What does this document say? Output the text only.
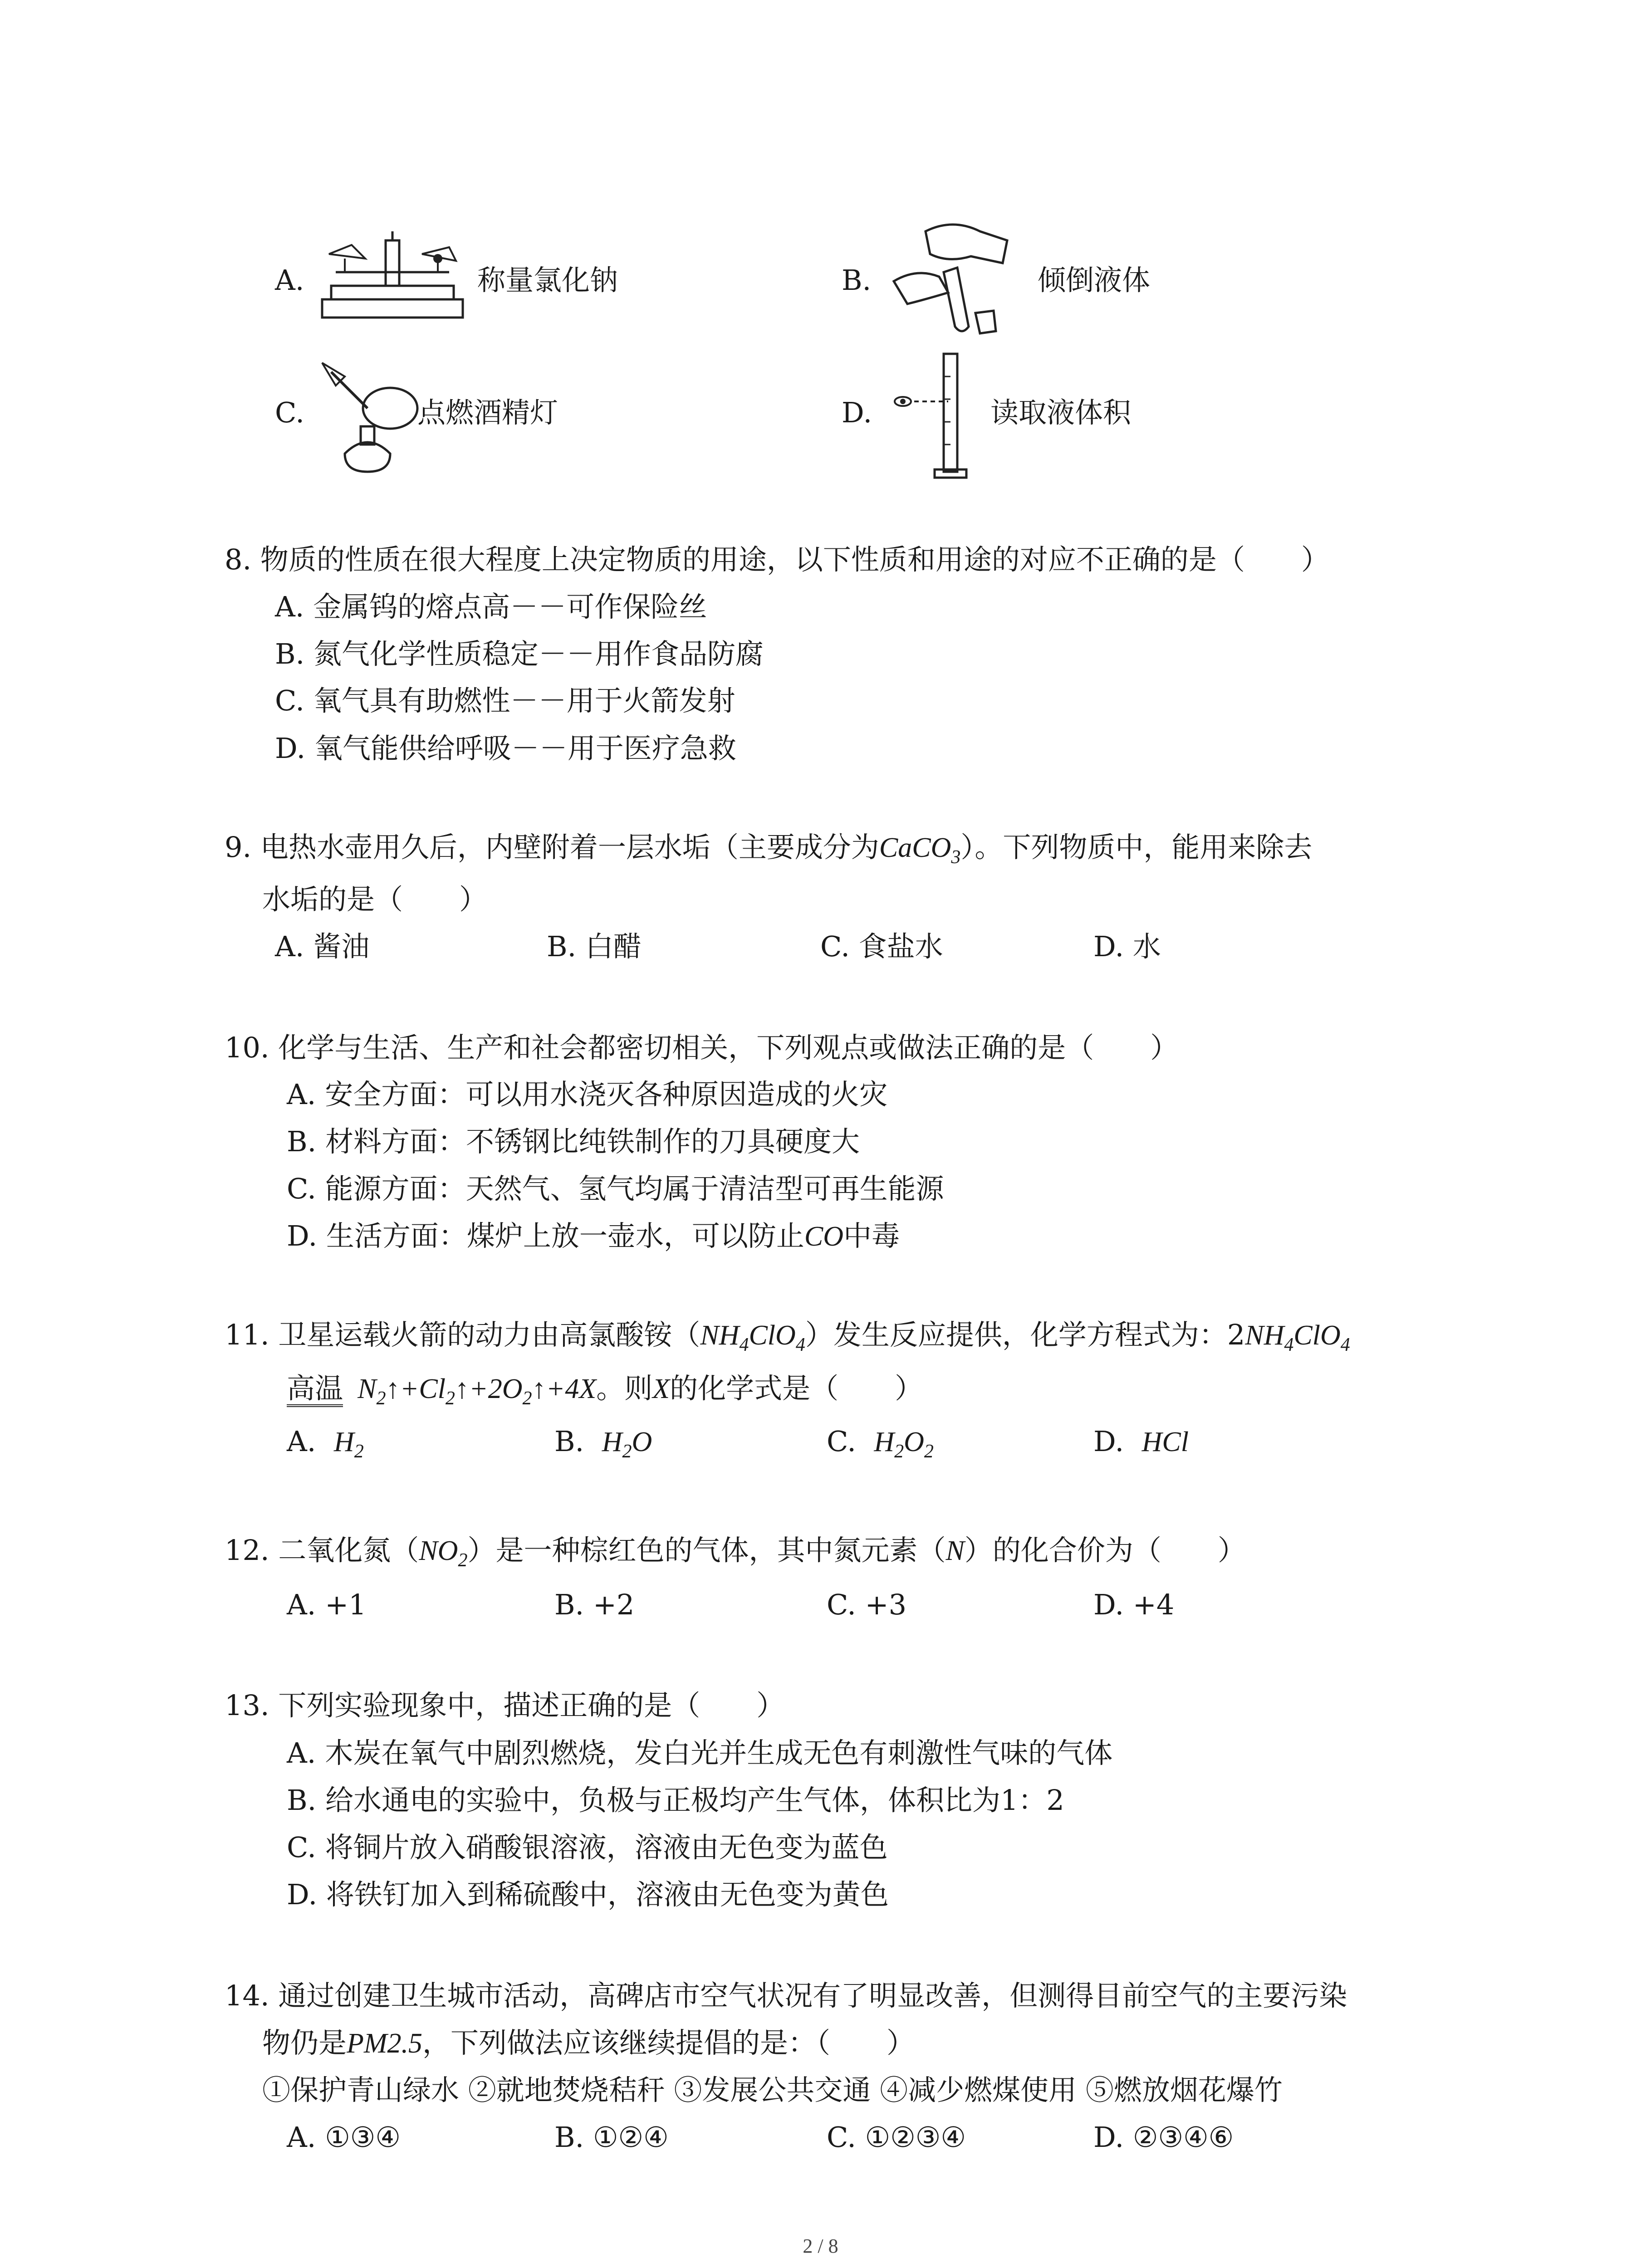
A.	称量氯化钠	B.	倾倒液体
C.	点燃酒精灯	D.	读取液体积
8. 物质的性质在很大程度上决定物质的用途，以下性质和用途的对应不正确的是（　　）
A. 金属钨的熔点高－－可作保险丝
B. 氮气化学性质稳定－－用作食品防腐
C. 氧气具有助燃性－－用于火箭发射
D. 氧气能供给呼吸－－用于医疗急救
9. 电热水壶用久后，内壁附着一层水垢（主要成分为CaCO$_3$）。下列物质中，能用来除去
水垢的是（　　）
A. 酱油	B. 白醋	C. 食盐水	D. 水
10. 化学与生活、生产和社会都密切相关，下列观点或做法正确的是（　　）
A. 安全方面：可以用水浇灭各种原因造成的火灾
B. 材料方面：不锈钢比纯铁制作的刀具硬度大
C. 能源方面：天然气、氢气均属于清洁型可再生能源
D. 生活方面：煤炉上放一壶水，可以防止CO中毒
11. 卫星运载火箭的动力由高氯酸铵$(NH_4ClO_4)$发生反应提供，化学方程式为：$2NH_4ClO_4$
高温  $N_2↑+Cl_2↑+2O_2↑+4X$。则X的化学式是（　　）
A. $H_2$	B. $H_2O$	C. $H_2O_2$	D. HCl
12. 二氧化氮$(NO_2)$是一种棕红色的气体，其中氮元素（N）的化合价为（　　）
A. +1	B. +2	C. +3	D. +4
13. 下列实验现象中，描述正确的是（　　）
A. 木炭在氧气中剧烈燃烧，发白光并生成无色有刺激性气味的气体
B. 给水通电的实验中，负极与正极均产生气体，体积比为1：2
C. 将铜片放入硝酸银溶液，溶液由无色变为蓝色
D. 将铁钉加入到稀硫酸中，溶液由无色变为黄色
14. 通过创建卫生城市活动，高碑店市空气状况有了明显改善，但测得目前空气的主要污染
物仍是PM2.5，下列做法应该继续提倡的是：（　　）
①保护青山绿水 ②就地焚烧秸秆 ③发展公共交通 ④减少燃煤使用 ⑤燃放烟花爆竹
A. ①③④	B. ①②④	C. ①②③④	D. ②③④⑥
2 / 8
